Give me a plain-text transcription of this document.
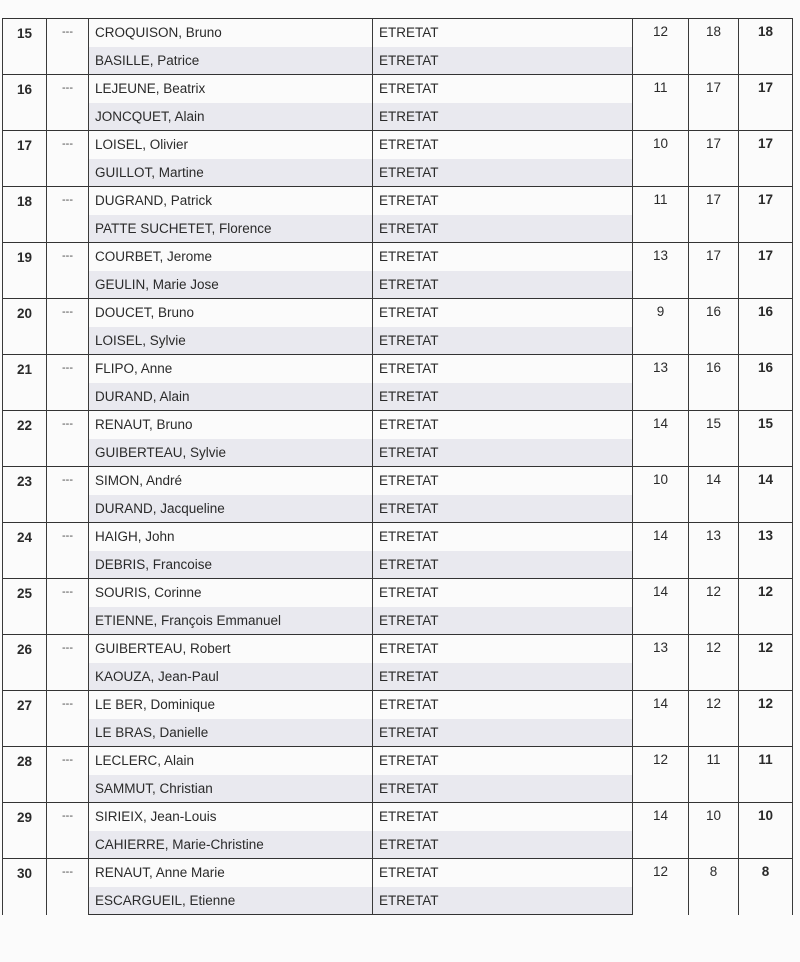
15	---	CROQUISON, Bruno	ETRETAT	12	18	18
		BASILLE, Patrice	ETRETAT			
16	---	LEJEUNE, Beatrix	ETRETAT	11	17	17
		JONCQUET, Alain	ETRETAT			
17	---	LOISEL, Olivier	ETRETAT	10	17	17
		GUILLOT, Martine	ETRETAT			
18	---	DUGRAND, Patrick	ETRETAT	11	17	17
		PATTE SUCHETET, Florence	ETRETAT			
19	---	COURBET, Jerome	ETRETAT	13	17	17
		GEULIN, Marie Jose	ETRETAT			
20	---	DOUCET, Bruno	ETRETAT	9	16	16
		LOISEL, Sylvie	ETRETAT			
21	---	FLIPO, Anne	ETRETAT	13	16	16
		DURAND, Alain	ETRETAT			
22	---	RENAUT, Bruno	ETRETAT	14	15	15
		GUIBERTEAU, Sylvie	ETRETAT			
23	---	SIMON, André	ETRETAT	10	14	14
		DURAND, Jacqueline	ETRETAT			
24	---	HAIGH, John	ETRETAT	14	13	13
		DEBRIS, Francoise	ETRETAT			
25	---	SOURIS, Corinne	ETRETAT	14	12	12
		ETIENNE, François Emmanuel	ETRETAT			
26	---	GUIBERTEAU, Robert	ETRETAT	13	12	12
		KAOUZA, Jean-Paul	ETRETAT			
27	---	LE BER, Dominique	ETRETAT	14	12	12
		LE BRAS, Danielle	ETRETAT			
28	---	LECLERC, Alain	ETRETAT	12	11	11
		SAMMUT, Christian	ETRETAT			
29	---	SIRIEIX, Jean-Louis	ETRETAT	14	10	10
		CAHIERRE, Marie-Christine	ETRETAT			
30	---	RENAUT, Anne Marie	ETRETAT	12	8	8
		ESCARGUEIL, Etienne	ETRETAT			
